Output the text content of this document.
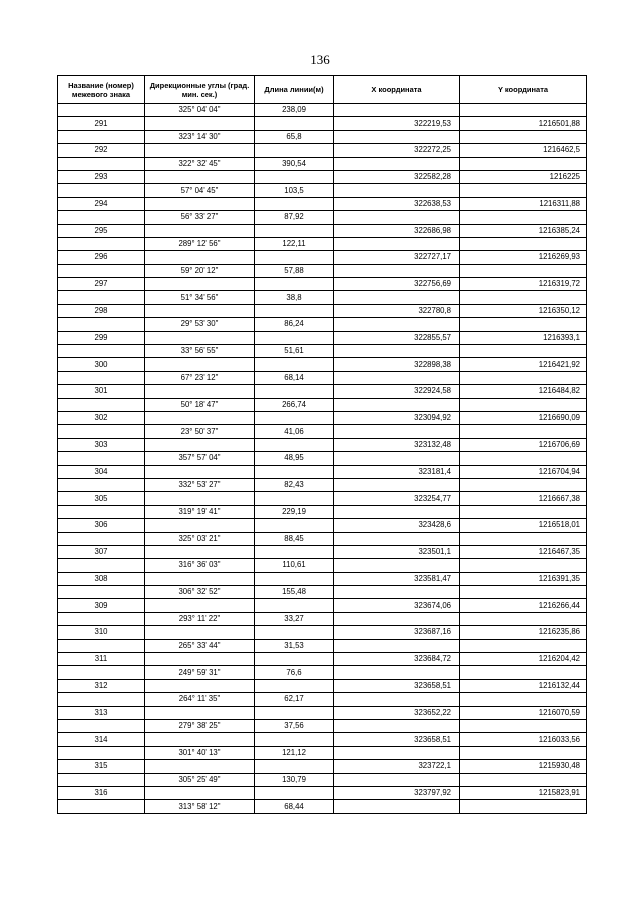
136
Название (номер) межевого знака	Дирекционные углы (град. мин. сек.)	Длина линии(м)	X координата	Y координата
	325° 04' 04"	238,09		
291			322219,53	1216501,88
	323° 14' 30"	65,8		
292			322272,25	1216462,5
	322° 32' 45"	390,54		
293			322582,28	1216225
	57° 04' 45"	103,5		
294			322638,53	1216311,88
	56° 33' 27"	87,92		
295			322686,98	1216385,24
	289° 12' 56"	122,11		
296			322727,17	1216269,93
	59° 20' 12"	57,88		
297			322756,69	1216319,72
	51° 34' 56"	38,8		
298			322780,8	1216350,12
	29° 53' 30"	86,24		
299			322855,57	1216393,1
	33° 56' 55"	51,61		
300			322898,38	1216421,92
	67° 23' 12"	68,14		
301			322924,58	1216484,82
	50° 18' 47"	266,74		
302			323094,92	1216690,09
	23° 50' 37"	41,06		
303			323132,48	1216706,69
	357° 57' 04"	48,95		
304			323181,4	1216704,94
	332° 53' 27"	82,43		
305			323254,77	1216667,38
	319° 19' 41"	229,19		
306			323428,6	1216518,01
	325° 03' 21"	88,45		
307			323501,1	1216467,35
	316° 36' 03"	110,61		
308			323581,47	1216391,35
	306° 32' 52"	155,48		
309			323674,06	1216266,44
	293° 11' 22"	33,27		
310			323687,16	1216235,86
	265° 33' 44"	31,53		
311			323684,72	1216204,42
	249° 59' 31"	76,6		
312			323658,51	1216132,44
	264° 11' 35"	62,17		
313			323652,22	1216070,59
	279° 38' 25"	37,56		
314			323658,51	1216033,56
	301° 40' 13"	121,12		
315			323722,1	1215930,48
	305° 25' 49"	130,79		
316			323797,92	1215823,91
	313° 58' 12"	68,44		
